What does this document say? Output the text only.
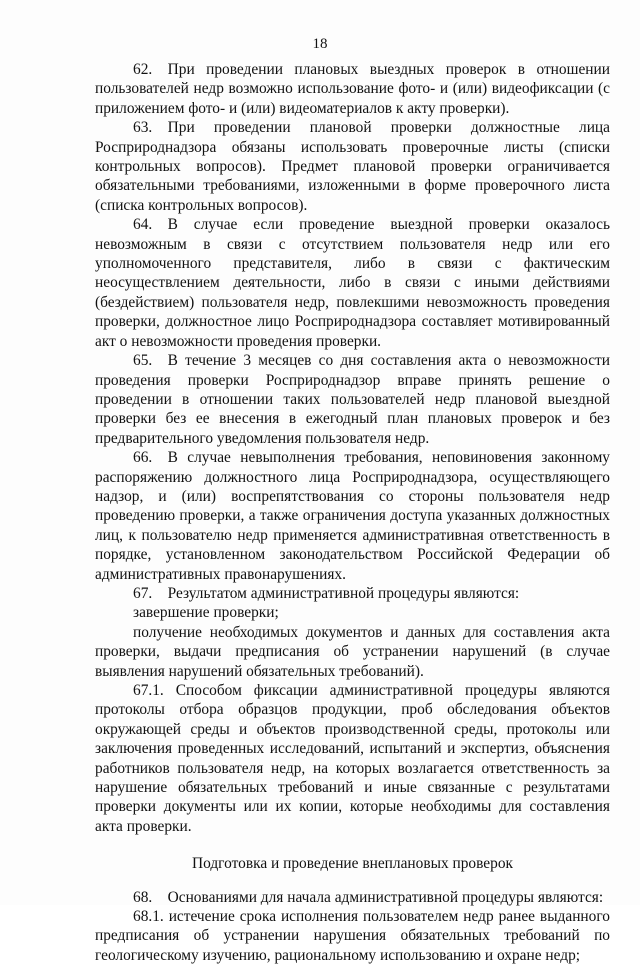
18

62. При проведении плановых выездных проверок в отношении пользователей недр возможно использование фото- и (или) видеофиксации (с приложением фото- и (или) видеоматериалов к акту проверки).

63. При проведении плановой проверки должностные лица Росприроднадзора обязаны использовать проверочные листы (списки контрольных вопросов). Предмет плановой проверки ограничивается обязательными требованиями, изложенными в форме проверочного листа (списка контрольных вопросов).

64. В случае если проведение выездной проверки оказалось невозможным в связи с отсутствием пользователя недр или его уполномоченного представителя, либо в связи с фактическим неосуществлением деятельности, либо в связи с иными действиями (бездействием) пользователя недр, повлекшими невозможность проведения проверки, должностное лицо Росприроднадзора составляет мотивированный акт о невозможности проведения проверки.

65. В течение 3 месяцев со дня составления акта о невозможности проведения проверки Росприроднадзор вправе принять решение о проведении в отношении таких пользователей недр плановой выездной проверки без ее внесения в ежегодный план плановых проверок и без предварительного уведомления пользователя недр.

66. В случае невыполнения требования, неповиновения законному распоряжению должностного лица Росприроднадзора, осуществляющего надзор, и (или) воспрепятствования со стороны пользователя недр проведению проверки, а также ограничения доступа указанных должностных лиц, к пользователю недр применяется административная ответственность в порядке, установленном законодательством Российской Федерации об административных правонарушениях.

67. Результатом административной процедуры являются:

завершение проверки;

получение необходимых документов и данных для составления акта проверки, выдачи предписания об устранении нарушений (в случае выявления нарушений обязательных требований).

67.1. Способом фиксации административной процедуры являются протоколы отбора образцов продукции, проб обследования объектов окружающей среды и объектов производственной среды, протоколы или заключения проведенных исследований, испытаний и экспертиз, объяснения работников пользователя недр, на которых возлагается ответственность за нарушение обязательных требований и иные связанные с результатами проверки документы или их копии, которые необходимы для составления акта проверки.

Подготовка и проведение внеплановых проверок

68. Основаниями для начала административной процедуры являются:

68.1. истечение срока исполнения пользователем недр ранее выданного предписания об устранении нарушения обязательных требований по геологическому изучению, рациональному использованию и охране недр;
